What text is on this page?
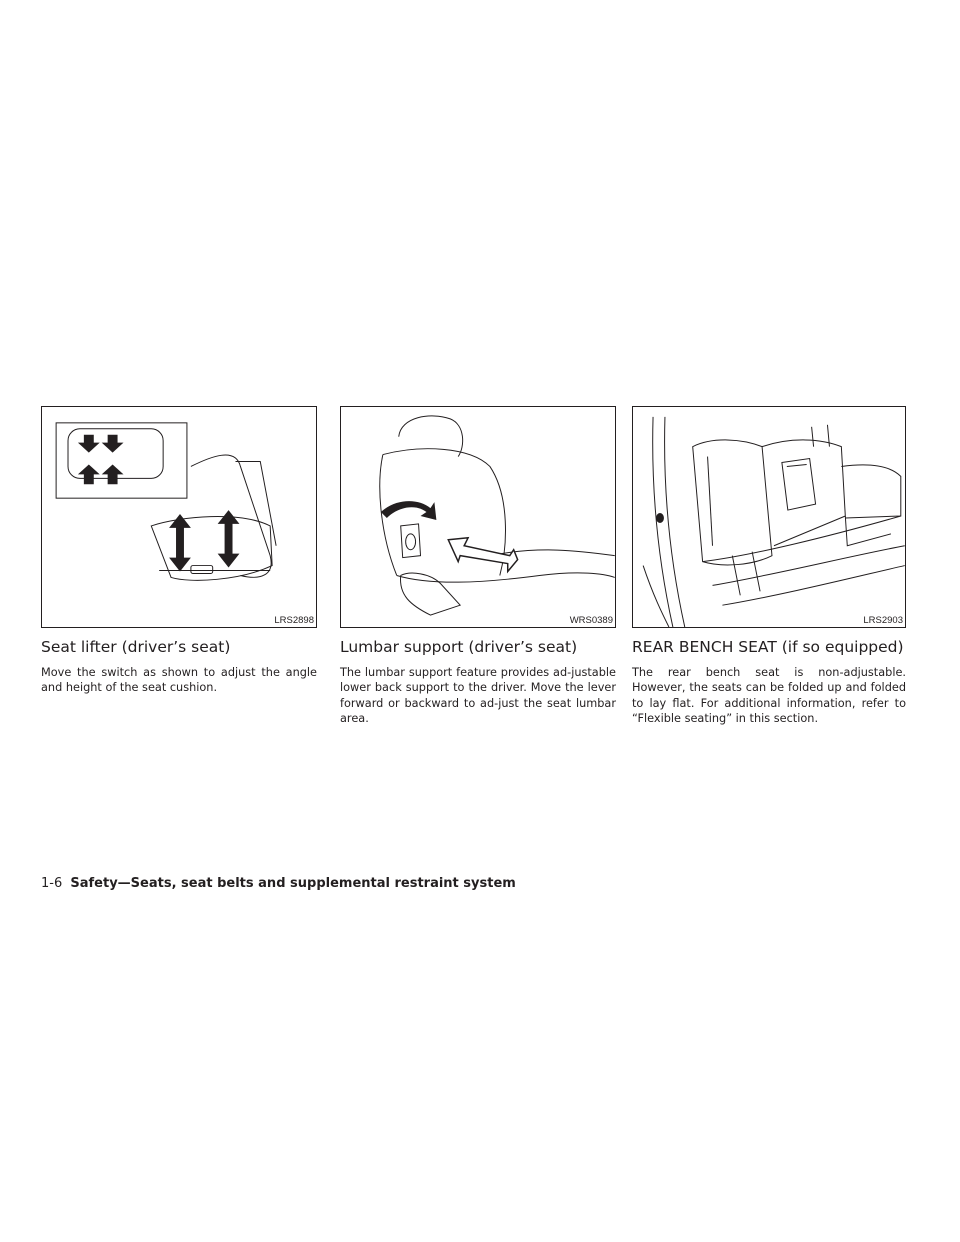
LRS2898
Seat lifter (driver’s seat)

Move the switch as shown to adjust the angle and height of the seat cushion.

WRS0389
Lumbar support (driver’s seat)

The lumbar support feature provides ad-justable lower back support to the driver. Move the lever forward or backward to ad-just the seat lumbar area.

LRS2903
REAR BENCH SEAT (if so equipped)

The rear bench seat is non-adjustable. However, the seats can be folded up and folded to lay flat. For additional information, refer to “Flexible seating” in this section.

1-6 Safety—Seats, seat belts and supplemental restraint system
